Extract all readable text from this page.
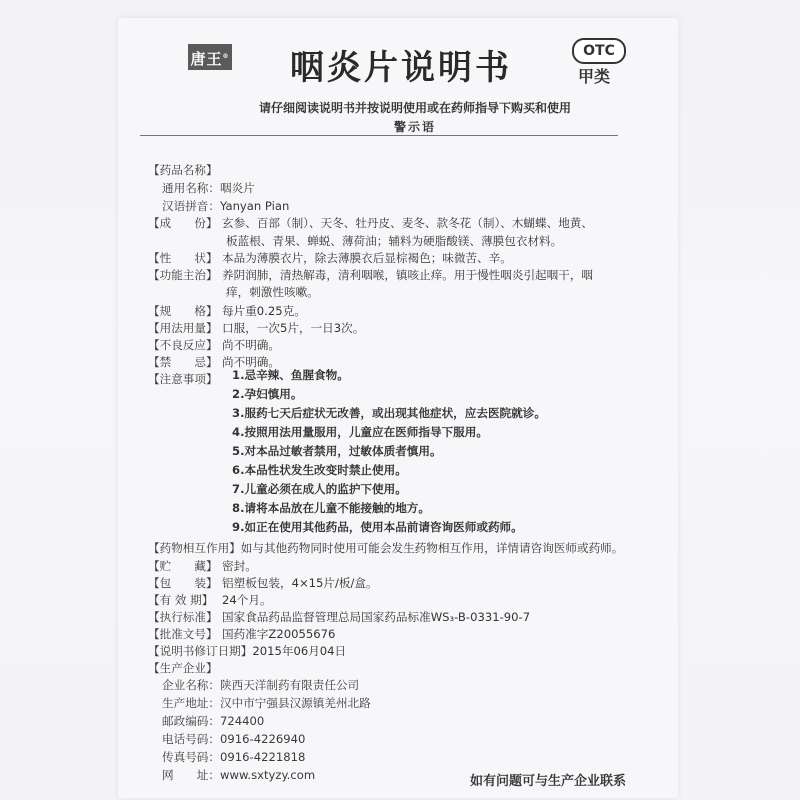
唐王® 咽炎片说明书	OTC
甲类
请仔细阅读说明书并按说明使用或在药师指导下购买和使用
警示语
【药品名称】
通用名称：咽炎片
汉语拼音：Yanyan Pian
【成　　份】 玄参、百部（制）、天冬、牡丹皮、麦冬、款冬花（制）、木蝴蝶、地黄、
板蓝根、青果、蝉蜕、薄荷油；辅料为硬脂酸镁、薄膜包衣材料。
【性　　状】 本品为薄膜衣片，除去薄膜衣后显棕褐色；味微苦、辛。
【功能主治】 养阴润肺，清热解毒，清利咽喉，镇咳止痒。用于慢性咽炎引起咽干，咽
痒，刺激性咳嗽。
【规　　格】 每片重0.25克。
【用法用量】 口服，一次5片，一日3次。
【不良反应】 尚不明确。
【禁　　忌】 尚不明确。
【注意事项】	1.忌辛辣、鱼腥食物。
2.孕妇慎用。
3.服药七天后症状无改善，或出现其他症状，应去医院就诊。
4.按照用法用量服用，儿童应在医师指导下服用。
5.对本品过敏者禁用，过敏体质者慎用。
6.本品性状发生改变时禁止使用。
7.儿童必须在成人的监护下使用。
8.请将本品放在儿童不能接触的地方。
9.如正在使用其他药品，使用本品前请咨询医师或药师。
【药物相互作用】如与其他药物同时使用可能会发生药物相互作用，详情请咨询医师或药师。
【贮　　藏】 密封。
【包　　装】 铝塑板包装，4×15片/板/盒。
【有 效 期】 24个月。
【执行标准】 国家食品药品监督管理总局国家药品标准WS₃-B-0331-90-7
【批准文号】 国药准字Z20055676
【说明书修订日期】2015年06月04日
【生产企业】
企业名称：陕西天洋制药有限责任公司
生产地址：汉中市宁强县汉源镇羌州北路
邮政编码：724400
电话号码：0916-4226940
如有问题可与生产企业联系
传真号码：0916-4221818
网　　址：www.sxtyzy.com
